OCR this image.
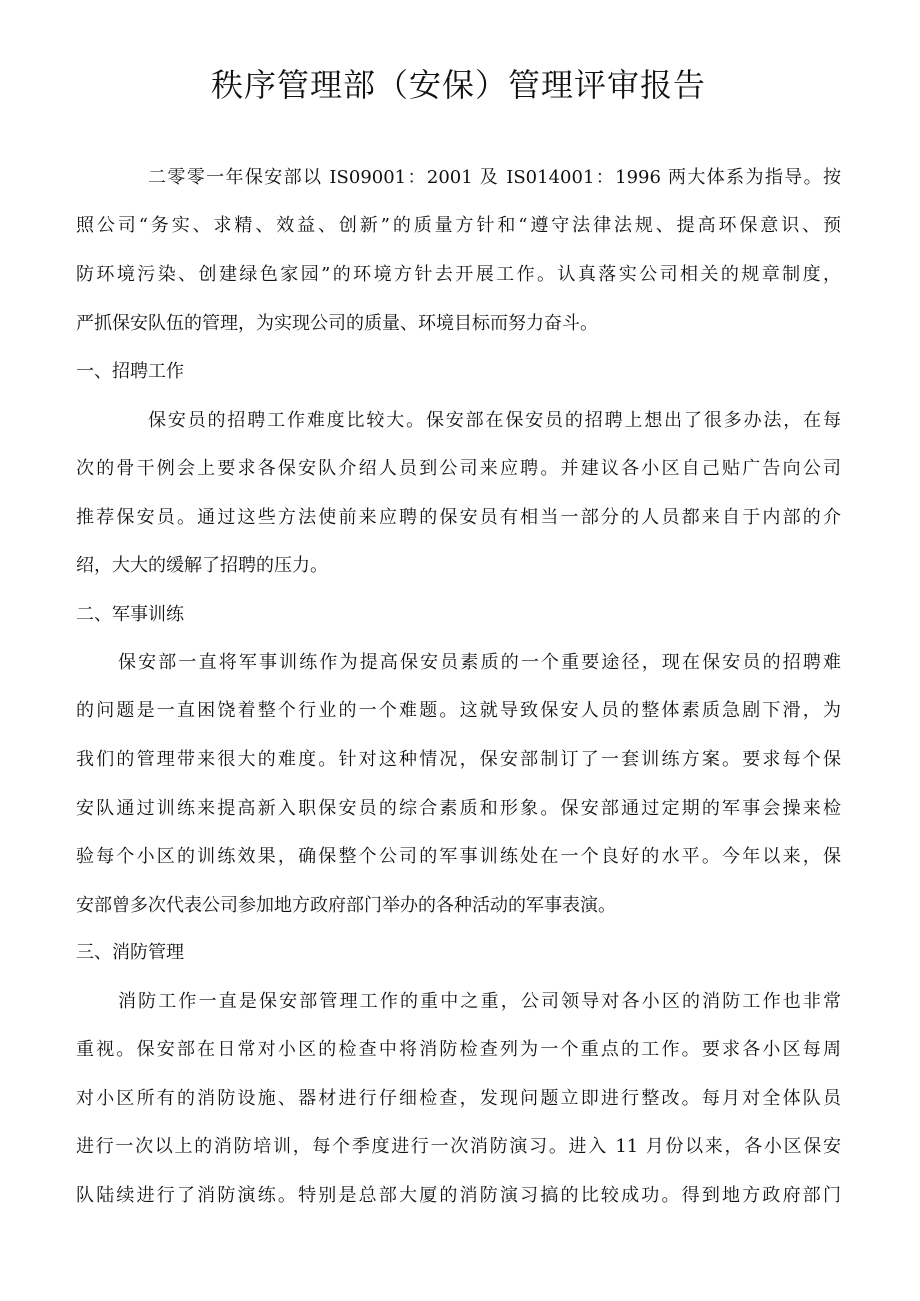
秩序管理部（安保）管理评审报告
二零零一年保安部以 IS09001：2001 及 IS014001：1996 两大体系为指导。按
照公司“务实、求精、效益、创新”的质量方针和“遵守法律法规、提高环保意识、预
防环境污染、创建绿色家园”的环境方针去开展工作。认真落实公司相关的规章制度，
严抓保安队伍的管理，为实现公司的质量、环境目标而努力奋斗。
一、招聘工作
保安员的招聘工作难度比较大。保安部在保安员的招聘上想出了很多办法，在每
次的骨干例会上要求各保安队介绍人员到公司来应聘。并建议各小区自己贴广告向公司
推荐保安员。通过这些方法使前来应聘的保安员有相当一部分的人员都来自于内部的介
绍，大大的缓解了招聘的压力。
二、军事训练
保安部一直将军事训练作为提高保安员素质的一个重要途径，现在保安员的招聘难
的问题是一直困饶着整个行业的一个难题。这就导致保安人员的整体素质急剧下滑，为
我们的管理带来很大的难度。针对这种情况，保安部制订了一套训练方案。要求每个保
安队通过训练来提高新入职保安员的综合素质和形象。保安部通过定期的军事会操来检
验每个小区的训练效果，确保整个公司的军事训练处在一个良好的水平。今年以来，保
安部曾多次代表公司参加地方政府部门举办的各种活动的军事表演。
三、消防管理
消防工作一直是保安部管理工作的重中之重，公司领导对各小区的消防工作也非常
重视。保安部在日常对小区的检查中将消防检查列为一个重点的工作。要求各小区每周
对小区所有的消防设施、器材进行仔细检查，发现问题立即进行整改。每月对全体队员
进行一次以上的消防培训，每个季度进行一次消防演习。进入 11 月份以来，各小区保安
队陆续进行了消防演练。特别是总部大厦的消防演习搞的比较成功。得到地方政府部门
